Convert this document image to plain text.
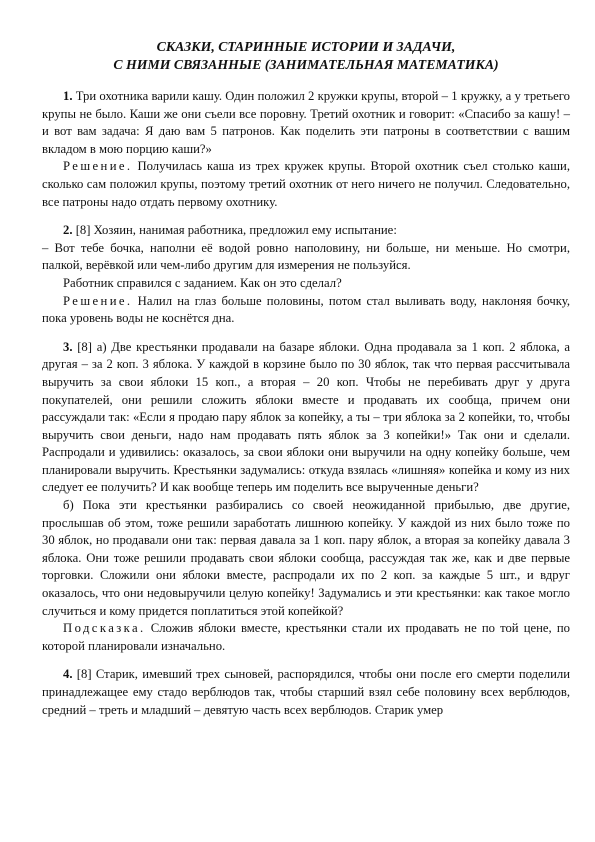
СКАЗКИ, СТАРИННЫЕ ИСТОРИИ И ЗАДАЧИ,
С НИМИ СВЯЗАННЫЕ (ЗАНИМАТЕЛЬНАЯ МАТЕМАТИКА)

1. Три охотника варили кашу. Один положил 2 кружки крупы, второй – 1 кружку, а у третьего крупы не было. Каши же они съели все поровну. Третий охотник и говорит: «Спасибо за кашу! – и вот вам задача: Я даю вам 5 патронов. Как поделить эти патроны в соответствии с вашим вкладом в мою порцию каши?»

Решение. Получилась каша из трех кружек крупы. Второй охотник съел столько каши, сколько сам положил крупы, поэтому третий охотник от него ничего не получил. Следовательно, все патроны надо отдать первому охотнику.

2. [8] Хозяин, нанимая работника, предложил ему испытание:

– Вот тебе бочка, наполни её водой ровно наполовину, ни больше, ни меньше. Но смотри, палкой, верёвкой или чем-либо другим для измерения не пользуйся.

Работник справился с заданием. Как он это сделал?

Решение. Налил на глаз больше половины, потом стал выливать воду, наклоняя бочку, пока уровень воды не коснётся дна.

3. [8] а) Две крестьянки продавали на базаре яблоки. Одна продавала за 1 коп. 2 яблока, а другая – за 2 коп. 3 яблока. У каждой в корзине было по 30 яблок, так что первая рассчитывала выручить за свои яблоки 15 коп., а вторая – 20 коп. Чтобы не перебивать друг у друга покупателей, они решили сложить яблоки вместе и продавать их сообща, причем они рассуждали так: «Если я продаю пару яблок за копейку, а ты – три яблока за 2 копейки, то, чтобы выручить свои деньги, надо нам продавать пять яблок за 3 копейки!» Так они и сделали. Распродали и удивились: оказалось, за свои яблоки они выручили на одну копейку больше, чем планировали выручить. Крестьянки задумались: откуда взялась «лишняя» копейка и кому из них следует ее получить? И как вообще теперь им поделить все вырученные деньги?

б) Пока эти крестьянки разбирались со своей неожиданной прибылью, две другие, прослышав об этом, тоже решили заработать лишнюю копейку. У каждой из них было тоже по 30 яблок, но продавали они так: первая давала за 1 коп. пару яблок, а вторая за копейку давала 3 яблока. Они тоже решили продавать свои яблоки сообща, рассуждая так же, как и две первые торговки. Сложили они яблоки вместе, распродали их по 2 коп. за каждые 5 шт., и вдруг оказалось, что они недовыручили целую копейку! Задумались и эти крестьянки: как такое могло случиться и кому придется поплатиться этой копейкой?

Подсказка. Сложив яблоки вместе, крестьянки стали их продавать не по той цене, по которой планировали изначально.

4. [8] Старик, имевший трех сыновей, распорядился, чтобы они после его смерти поделили принадлежащее ему стадо верблюдов так, чтобы старший взял себе половину всех верблюдов, средний – треть и младший – девятую часть всех верблюдов. Старик умер
